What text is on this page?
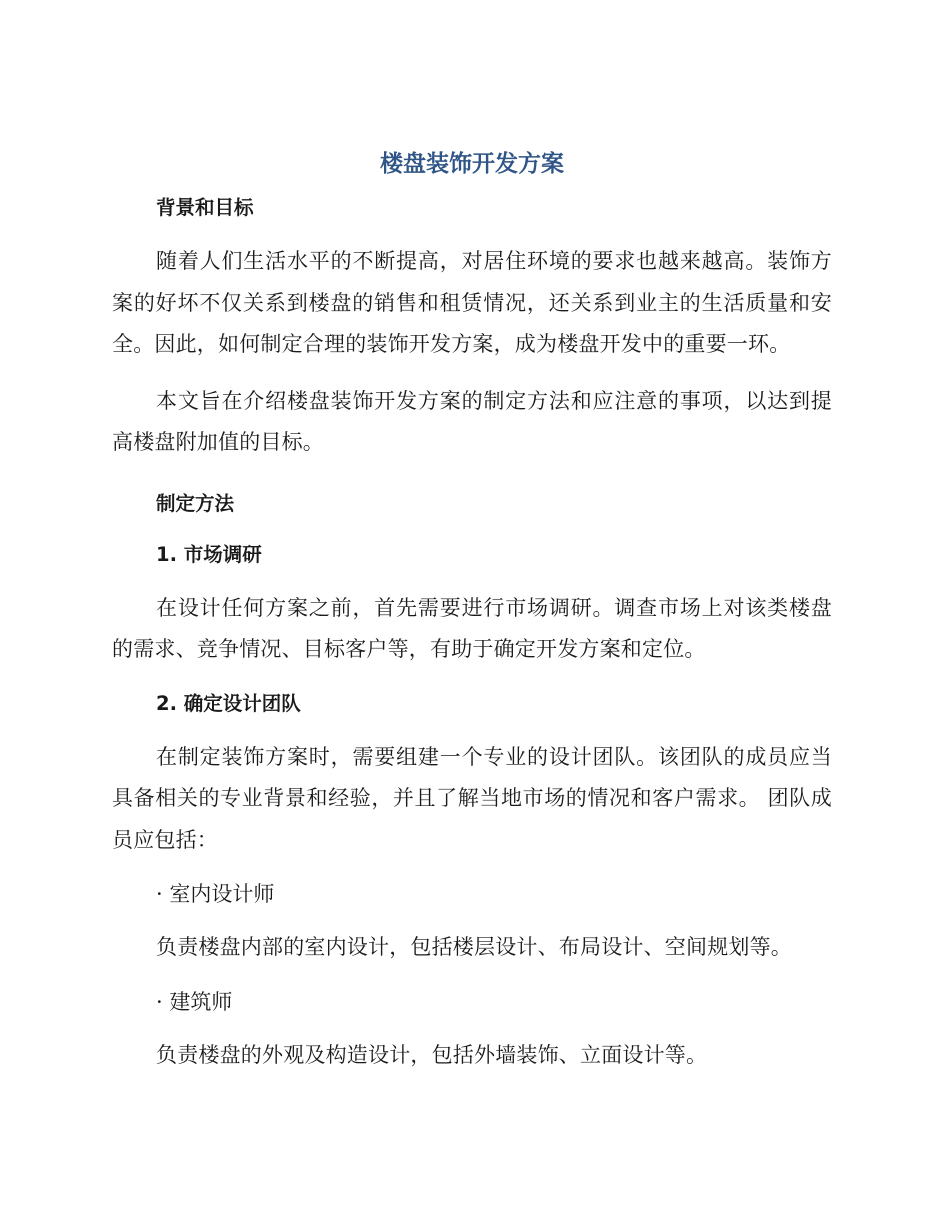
楼盘装饰开发方案
背景和目标

随着人们生活水平的不断提高，对居住环境的要求也越来越高。装饰方案的好坏不仅关系到楼盘的销售和租赁情况，还关系到业主的生活质量和安全。因此，如何制定合理的装饰开发方案，成为楼盘开发中的重要一环。

本文旨在介绍楼盘装饰开发方案的制定方法和应注意的事项，以达到提高楼盘附加值的目标。

制定方法
1. 市场调研

在设计任何方案之前，首先需要进行市场调研。调查市场上对该类楼盘的需求、竞争情况、目标客户等，有助于确定开发方案和定位。

2. 确定设计团队

在制定装饰方案时，需要组建一个专业的设计团队。该团队的成员应当具备相关的专业背景和经验，并且了解当地市场的情况和客户需求。 团队成员应包括：

· 室内设计师

负责楼盘内部的室内设计，包括楼层设计、布局设计、空间规划等。

· 建筑师

负责楼盘的外观及构造设计，包括外墙装饰、立面设计等。
